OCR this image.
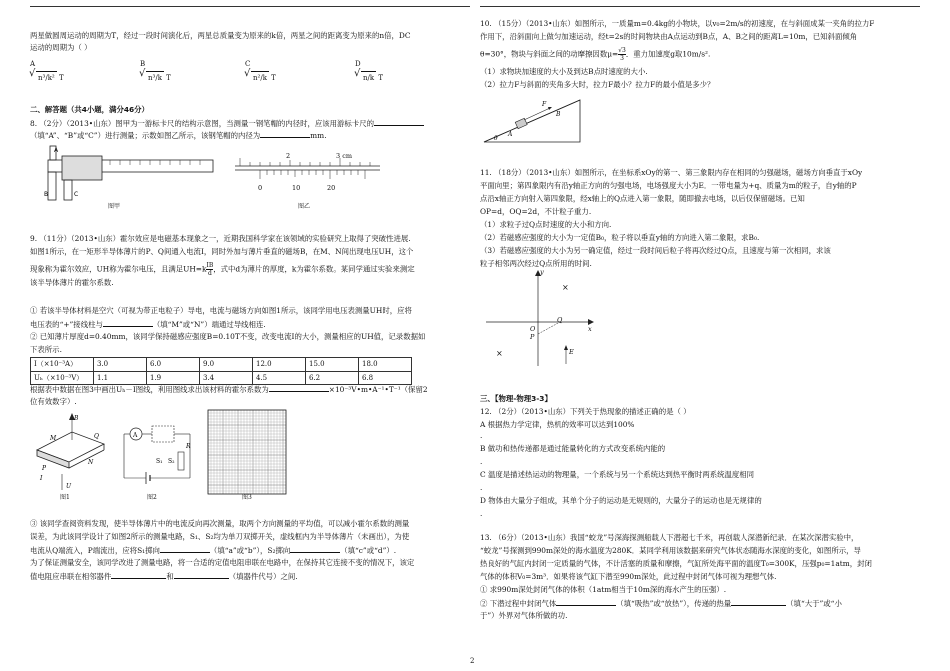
两星做圆周运动的周期为T，经过一段时间演化后，两星总质量变为原来的k倍，两星之间的距离变为原来的n倍，DC
运动的周期为（ ）
A
√ n³/k² T
B
√ n³/k T
C
√ n²/k T
D
√ n/k T
二、解答题（共4小题，满分46分）
8. （2分）（2013•山东）图甲为一游标卡尺的结构示意图，当测量一钢笔帽的内径时，应该用游标卡尺的
（填“A”、“B”或“C”）进行测量；示数如图乙所示，该钢笔帽的内径为	mm.
A
B	C
图甲
2	3 cm
0	10	20
图乙
9. （11分）（2013•山东）霍尔效应是电磁基本现象之一，近期我国科学家在该领域的实验研究上取得了突破性进展.
如图1所示，在一矩形半导体薄片的P、Q间通入电流I，同时外加与薄片垂直的磁场B，在M、N间出现电压UH，这个
现象称为霍尔效应，UH称为霍尔电压，且满足UH=k IB
d，式中d为薄片的厚度，k为霍尔系数。某同学通过实验来测定
该半导体薄片的霍尔系数.
① 若该半导体材料是空穴（可视为带正电粒子）导电，电流与磁场方向如图1所示，该同学用电压表测量UH时，应将
电压表的“+”接线柱与	（填“M”或“N”）端通过导线相连.
② 已知薄片厚度d=0.40mm，该同学保持磁感应强度B=0.10T不变，改变电流I的大小，测量相应的UH值，记录数据如
下表所示.
I（×10⁻³A）	3.0	6.0	9.0	12.0	15.0	18.0
Uₕ（×10⁻³V）	1.1	1.9	3.4	4.5	6.2	6.8
根据表中数据在图3中画出Uₕ－I图线，利用图线求出该材料的霍尔系数为	×10⁻³V•m•A⁻¹•T⁻¹（保留2
位有效数字）.
B
M	Q
P
N
I
U
图1
A
S₁ S₂
R
图2	图3
③ 该同学查阅资料发现，使半导体薄片中的电流反向再次测量，取两个方向测量的平均值，可以减小霍尔系数的测量
误差，为此该同学设计了如图2所示的测量电路，S₁、S₂均为单刀双掷开关，虚线框内为半导体薄片（未画出），为使
电流从Q端流入，P端流出，应将S₁掷向	（填“a”或“b”），S₂掷向	（填“c”或“d”）.
为了保证测量安全，该同学改进了测量电路，将一合适的定值电阻串联在电路中，在保持其它连接不变的情况下，该定
值电阻应串联在相邻器件	和	（填器件代号）之间.
10. （15分）（2013•山东）如图所示，一质量m=0.4kg的小物块，以v₀=2m/s的初速度，在与斜面成某一夹角的拉力F
作用下，沿斜面向上做匀加速运动，经t=2s的时间物块由A点运动到B点，A、B之间的距离L=10m，已知斜面倾角
θ=30°，物块与斜面之间的动摩擦因数$\mu= \frac{√3}{3}$．重力加速度g取10m/s².
（1）求物块加速度的大小及到达B点时速度的大小.
（2）拉力F与斜面的夹角多大时，拉力F最小？拉力F的最小值是多少？
A
B
F
θ
11. （18分）（2013•山东）如图所示，在坐标系xOy的第一、第三象限内存在相同的匀强磁场，磁场方向垂直于xOy
平面向里；第四象限内有沿y轴正方向的匀强电场，电场强度大小为E．一带电量为+q、质量为m的粒子，自y轴的P
点沿x轴正方向射入第四象限，经x轴上的Q点进入第一象限，随即撤去电场，以后仅保留磁场。已知
OP=d，OQ=2d，不计粒子重力.
（1）求粒子过Q点时速度的大小和方向.
（2）若磁感应强度的大小为一定值B₀，粒子将以垂直y轴的方向进入第二象限，求B₀.
（3）若磁感应强度的大小为另一确定值，经过一段时间后粒子将再次经过Q点，且速度与第一次相同，求该
粒子相邻两次经过Q点所用的时间.
y
x
O
P
Q
E
×
×
三、【物理-物理3-3】
12. （2分）（2013•山东）下列关于热现象的描述正确的是（ ）
A 根据热力学定律，热机的效率可以达到100%
.
B 做功和热传递都是通过能量转化的方式改变系统内能的
.
C 温度是描述热运动的物理量，一个系统与另一个系统达到热平衡时两系统温度相同
.
D 物体由大量分子组成，其单个分子的运动是无规则的，大量分子的运动也是无规律的
.
13. （6分）（2013•山东）我国“蛟龙”号深海探测船载人下潜超七千米，再创载人深潜新纪录．在某次深潜实验中，
“蛟龙”号探测到990m深处的海水温度为280K．某同学利用该数据来研究气体状态随海水深度的变化，如图所示，导
热良好的气缸内封闭一定质量的气体，不计活塞的质量和摩擦，气缸所处海平面的温度T₀=300K，压强p₀=1atm，封闭
气体的体积V₀=3m³．如果将该气缸下潜至990m深处，此过程中封闭气体可视为理想气体.
① 求990m深处封闭气体的体积（1atm相当于10m深的海水产生的压强）.
② 下潜过程中封闭气体	（填“吸热”或“放热”），传递的热量	（填“大于”或“小
于”）外界对气体所做的功.
2
